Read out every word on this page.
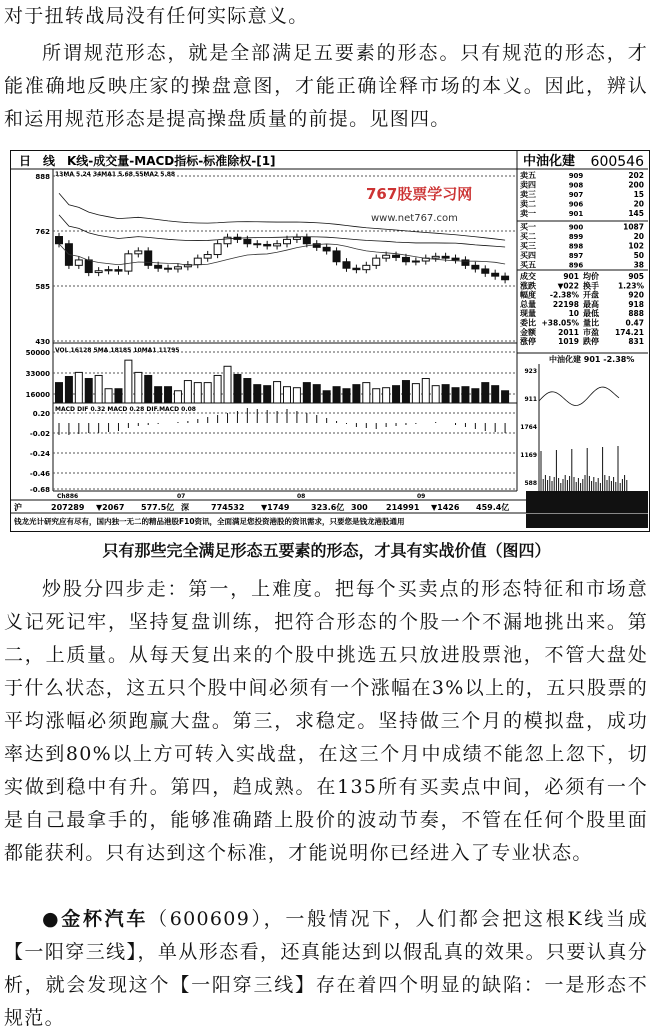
对于扭转战局没有任何实际意义。
所谓规范形态，就是全部满足五要素的形态。只有规范的形态，才能准确地反映庄家的操盘意图，才能正确诠释市场的本义。因此，辨认和运用规范形态是提高操盘质量的前提。见图四。
日　线　K线-成交量-MACD指标-标准除权-[1]
13MA 5.24 34MA1 5.68 55MA2 5.88
VOL 16128 5MA 18185 10MA1 11795
MACD DIF 0.32 MACD 0.28 DIF.MACD 0.08
767股票学习网
www.net767.com
888
762
585
430
50000
33000
16000
0.20
-0.02
-0.24
-0.46
-0.68
Ch886	07	08	09
沪	207289 ▼2067 577.5亿 深	774532 ▼1749	323.6亿 300 214991 ▼1426 459.4亿
钱龙光计研究应有尽有，国内独一无二的精品港股F10资讯，全面满足您投资港股的资讯需求，只要您是钱龙港股通用
中油化建 600546
卖五	909	202
卖四	908	200
卖三	907	15
卖二	906	20
卖一	901	145
买一	900	1087
买二	899	20
买三	898	102
买四	897	50
买五	896	38
成交	901 均价	905
涨跌	▼022 换手	1.23%
幅度 -2.38% 开盘	920
总量 22198 最高	918
现量	10 最低	888
委比 +38.05% 量比	0.47
金额	2011 市盈 174.21
涨停	1019 跌停	831
中油化建 901 -2.38%
923
911
1764
1169
588
只有那些完全满足形态五要素的形态，才具有实战价值（图四）
炒股分四步走：第一，上难度。把每个买卖点的形态特征和市场意义记死记牢，坚持复盘训练，把符合形态的个股一个不漏地挑出来。第二，上质量。从每天复出来的个股中挑选五只放进股票池，不管大盘处于什么状态，这五只个股中间必须有一个涨幅在3%以上的，五只股票的平均涨幅必须跑赢大盘。第三，求稳定。坚持做三个月的模拟盘，成功率达到80%以上方可转入实战盘，在这三个月中成绩不能忽上忽下，切实做到稳中有升。第四，趋成熟。在135所有买卖点中间，必须有一个是自己最拿手的，能够准确踏上股价的波动节奏，不管在任何个股里面都能获利。只有达到这个标准，才能说明你已经进入了专业状态。
●金杯汽车（600609），一般情况下，人们都会把这根K线当成【一阳穿三线】，单从形态看，还真能达到以假乱真的效果。只要认真分析，就会发现这个【一阳穿三线】存在着四个明显的缺陷：一是形态不规范。
